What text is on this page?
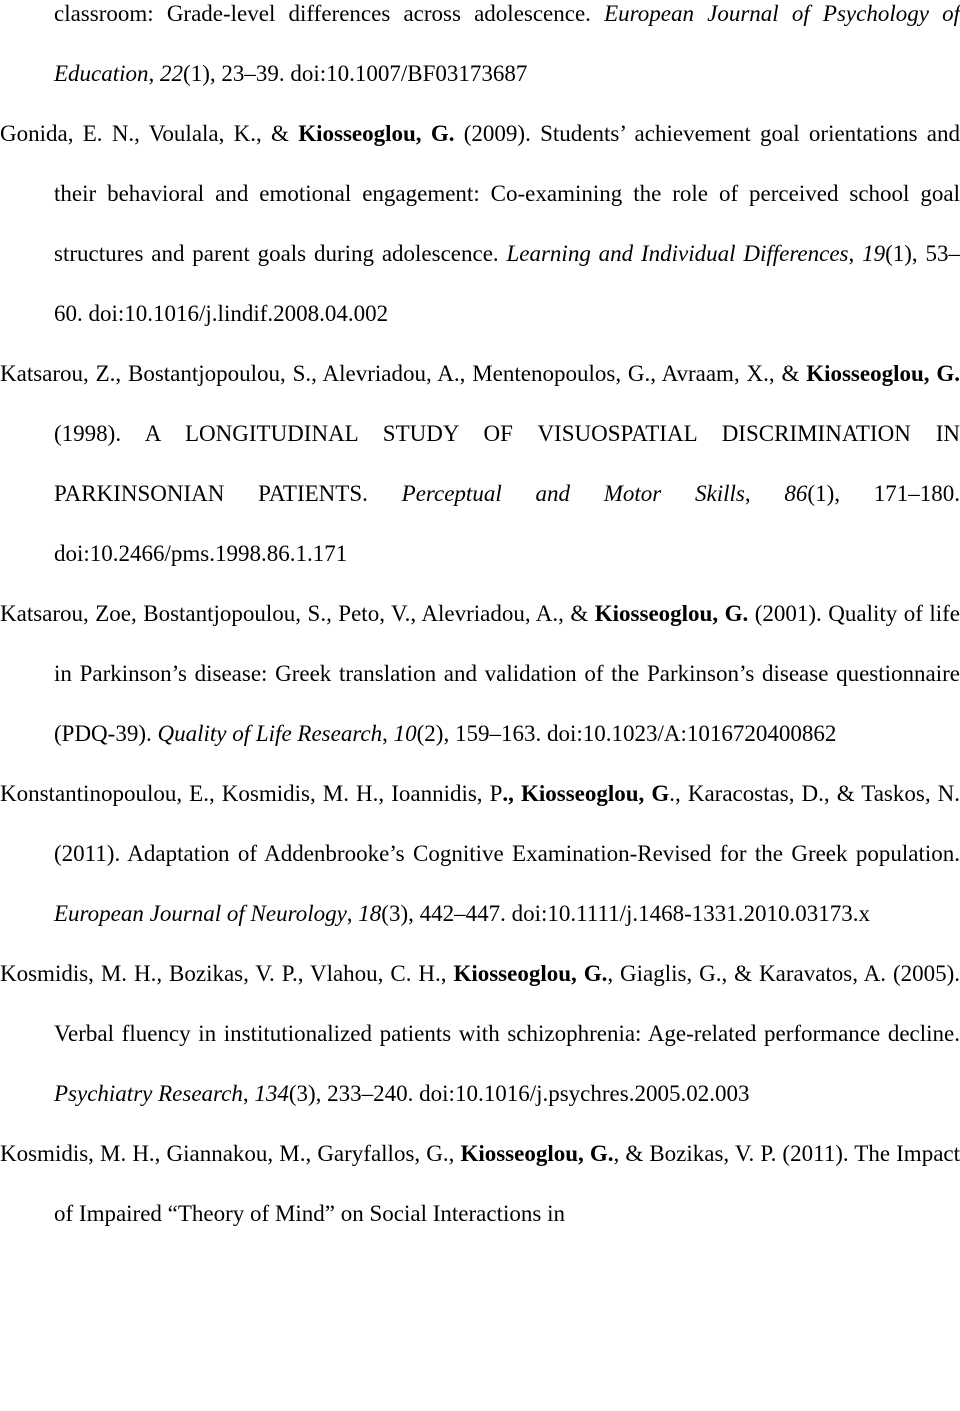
classroom: Grade-level differences across adolescence. European Journal of Psychology of Education, 22(1), 23–39. doi:10.1007/BF03173687

Gonida, E. N., Voulala, K., & Kiosseoglou, G. (2009). Students’ achievement goal orientations and their behavioral and emotional engagement: Co-examining the role of perceived school goal structures and parent goals during adolescence. Learning and Individual Differences, 19(1), 53–60. doi:10.1016/j.lindif.2008.04.002

Katsarou, Z., Bostantjopoulou, S., Alevriadou, A., Mentenopoulos, G., Avraam, X., & Kiosseoglou, G. (1998). A LONGITUDINAL STUDY OF VISUOSPATIAL DISCRIMINATION IN PARKINSONIAN PATIENTS. Perceptual and Motor Skills, 86(1), 171–180. doi:10.2466/pms.1998.86.1.171

Katsarou, Zoe, Bostantjopoulou, S., Peto, V., Alevriadou, A., & Kiosseoglou, G. (2001). Quality of life in Parkinson’s disease: Greek translation and validation of the Parkinson’s disease questionnaire (PDQ-39). Quality of Life Research, 10(2), 159–163. doi:10.1023/A:1016720400862

Konstantinopoulou, E., Kosmidis, M. H., Ioannidis, P., Kiosseoglou, G., Karacostas, D., & Taskos, N. (2011). Adaptation of Addenbrooke’s Cognitive Examination-Revised for the Greek population. European Journal of Neurology, 18(3), 442–447. doi:10.1111/j.1468-1331.2010.03173.x

Kosmidis, M. H., Bozikas, V. P., Vlahou, C. H., Kiosseoglou, G., Giaglis, G., & Karavatos, A. (2005). Verbal fluency in institutionalized patients with schizophrenia: Age-related performance decline. Psychiatry Research, 134(3), 233–240. doi:10.1016/j.psychres.2005.02.003

Kosmidis, M. H., Giannakou, M., Garyfallos, G., Kiosseoglou, G., & Bozikas, V. P. (2011). The Impact of Impaired “Theory of Mind” on Social Interactions in
